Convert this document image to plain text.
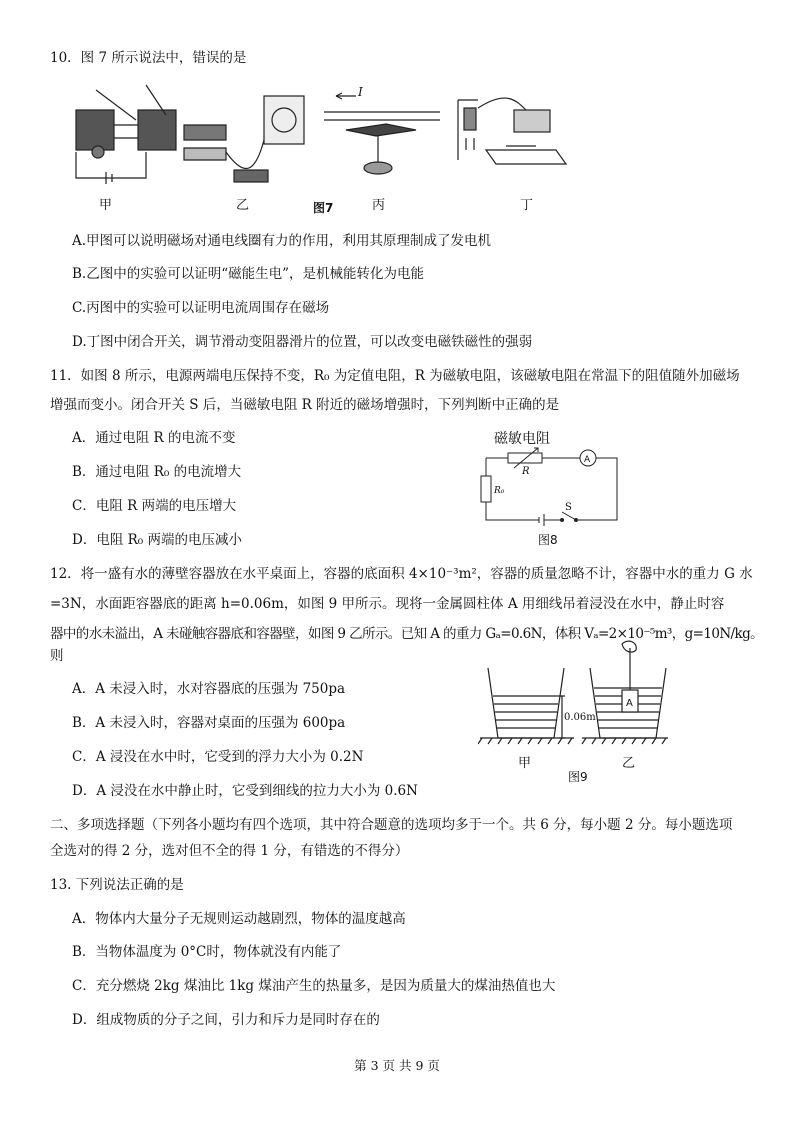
10．图 7 所示说法中，错误的是
I
甲	乙	图7	丙	丁
A.甲图可以说明磁场对通电线圈有力的作用，利用其原理制成了发电机
B.乙图中的实验可以证明“磁能生电”，是机械能转化为电能
C.丙图中的实验可以证明电流周围存在磁场
D.丁图中闭合开关，调节滑动变阻器滑片的位置，可以改变电磁铁磁性的强弱
11．如图 8 所示，电源两端电压保持不变，R₀ 为定值电阻，R 为磁敏电阻，该磁敏电阻在常温下的阻值随外加磁场
增强而变小。闭合开关 S 后，当磁敏电阻 R 附近的磁场增强时，下列判断中正确的是
A．通过电阻 R 的电流不变
B．通过电阻 R₀ 的电流增大
C．电阻 R 两端的电压增大
D．电阻 R₀ 两端的电压减小
磁敏电阻
R
A
R₀
S
图8
12．将一盛有水的薄壁容器放在水平桌面上，容器的底面积 4×10⁻³m²，容器的质量忽略不计，容器中水的重力 G 水
=3N，水面距容器底的距离 h=0.06m，如图 9 甲所示。现将一金属圆柱体 A 用细线吊着浸没在水中，静止时容
器中的水未溢出，A 未碰触容器底和容器壁，如图 9 乙所示。已知 A 的重力 Gₐ=0.6N，体积 Vₐ=2×10⁻⁵m³，g=10N/kg。
则
A．A 未浸入时，水对容器底的压强为 750pa
B．A 未浸入时，容器对桌面的压强为 600pa
C．A 浸没在水中时，它受到的浮力大小为 0.2N
D．A 浸没在水中静止时，它受到细线的拉力大小为 0.6N
0.06m
A
甲	乙
图9
二、多项选择题（下列各小题均有四个选项，其中符合题意的选项均多于一个。共 6 分，每小题 2 分。每小题选项
全选对的得 2 分，选对但不全的得 1 分，有错选的不得分）
13. 下列说法正确的是
A．物体内大量分子无规则运动越剧烈，物体的温度越高
B．当物体温度为 0°C时，物体就没有内能了
C．充分燃烧 2kg 煤油比 1kg 煤油产生的热量多，是因为质量大的煤油热值也大
D．组成物质的分子之间，引力和斥力是同时存在的
第 3 页 共 9 页
